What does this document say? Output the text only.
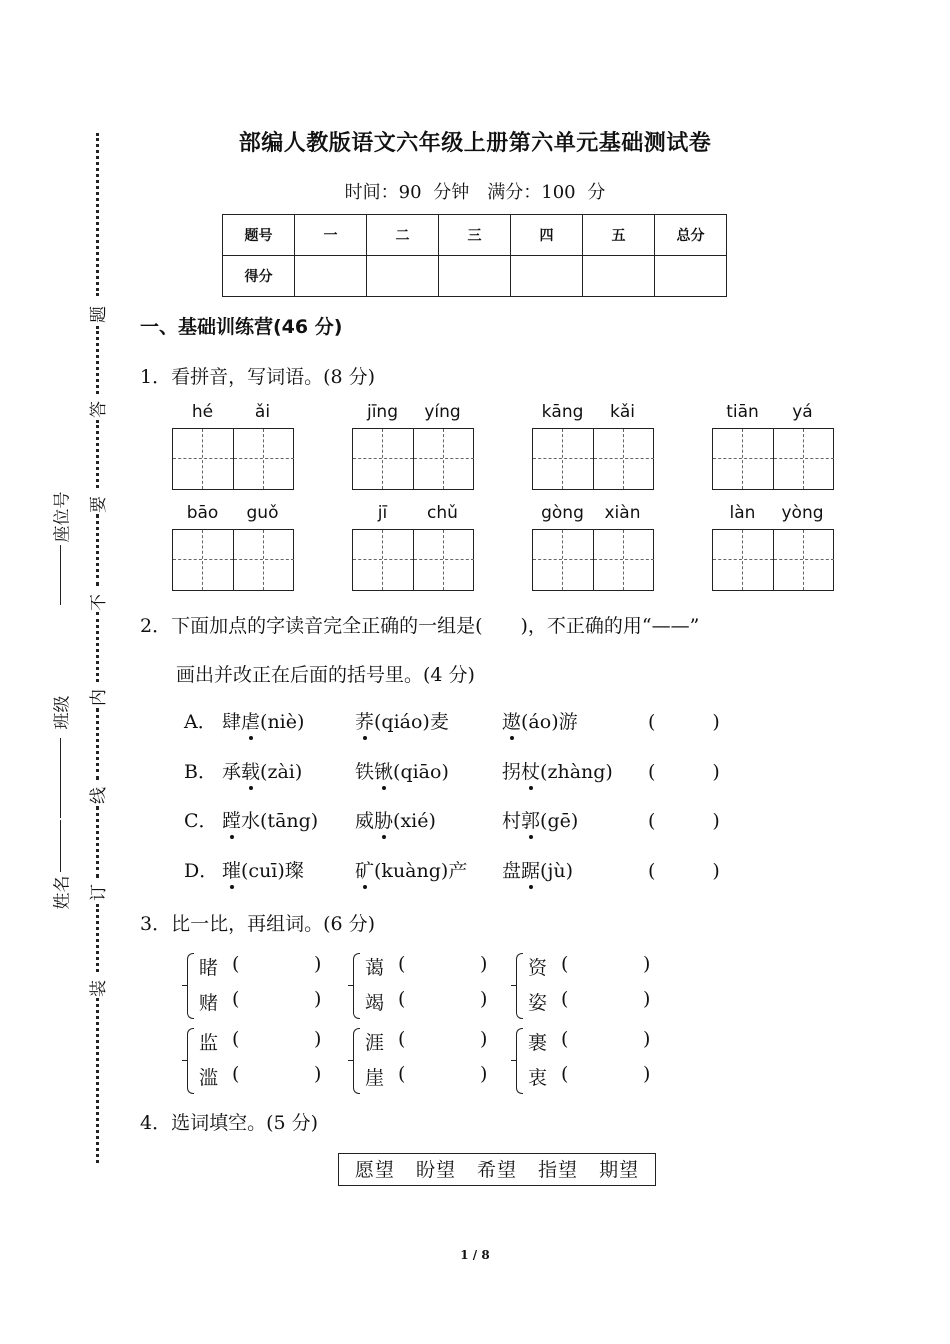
题
答
要
不
内
线
订
装
座位号
班级
姓名
部编人教版语文六年级上册第六单元基础测试卷
时间：90 分钟　满分：100 分
题号	一	二	三	四	五	总分
得分						
一、基础训练营(46 分)
1．看拼音，写词语。(8 分)
hé	ǎi	jīng	yíng	kāng	kǎi	tiān	yá
bāo	guǒ	jī	chǔ	gòng	xiàn	làn	yòng
2．下面加点的字读音完全正确的一组是(　　)，不正确的用“——”
画出并改正在后面的括号里。(4 分)
A． 肆虐(niè)	荞(qiáo)麦	遨(áo)游	(　　　)
B． 承载(zài)	铁锹(qiāo)	拐杖(zhàng) (　　　)
C． 蹚水(tāng) 威胁(xié)	村郭(gē)	(　　　)
D． 璀(cuī)璨	矿(kuàng)产 盘踞(jù)	(　　　)
3．比一比，再组词。(6 分)
睹 (	)
赌 (	)
蔼 (	)
竭 (	)
资 (	)
姿 (	)
监 (	)
滥 (	)
涯 (	)
崖 (	)
裹 (	)
衷 (	)
4．选词填空。(5 分)
愿望 盼望 希望 指望 期望
1 / 8
